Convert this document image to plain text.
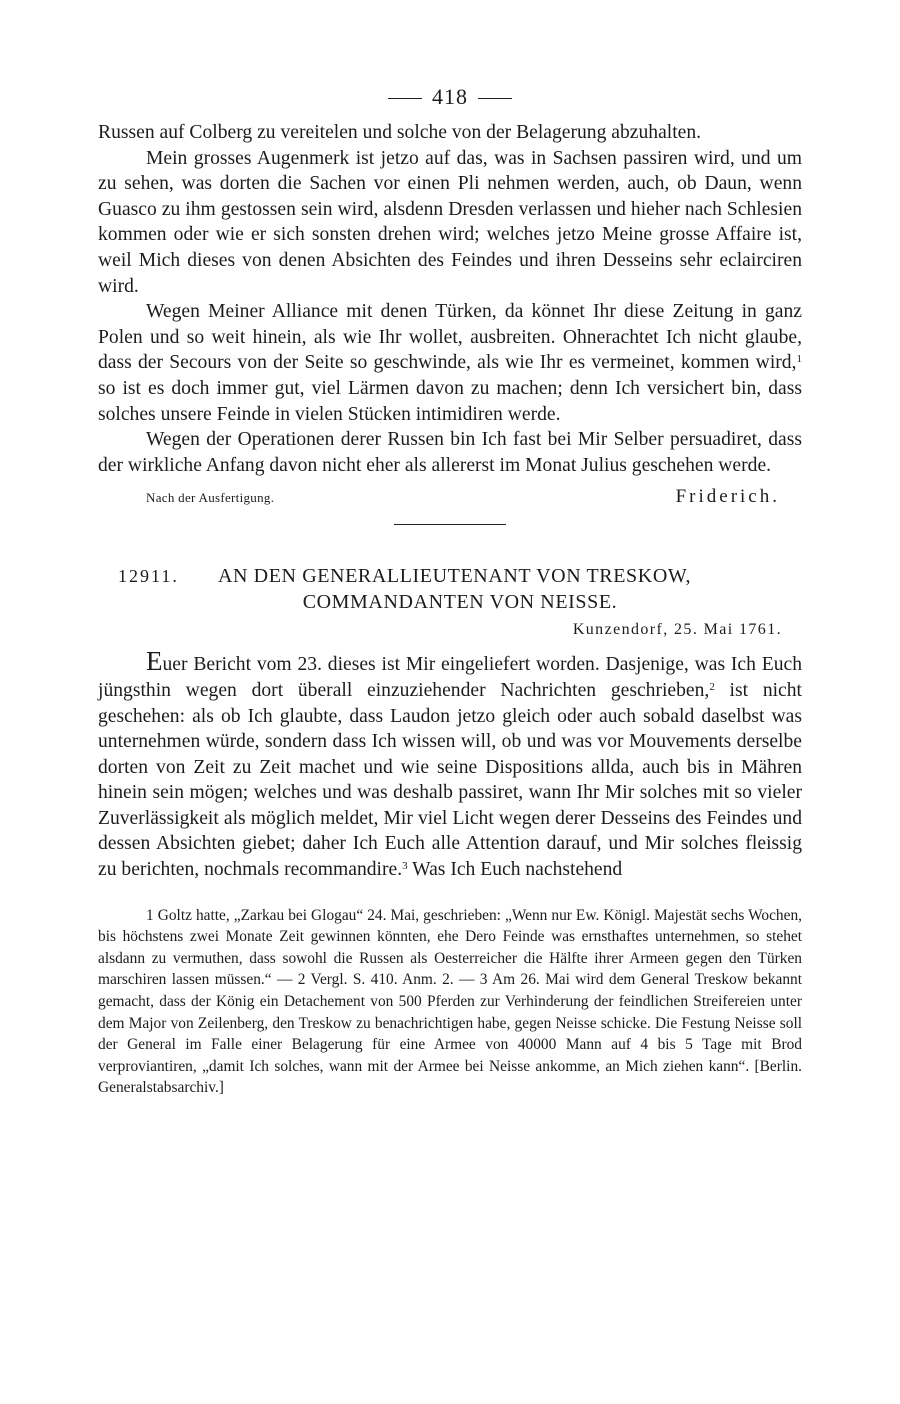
418

Russen auf Colberg zu vereitelen und solche von der Belagerung abzuhalten.

Mein grosses Augenmerk ist jetzo auf das, was in Sachsen passiren wird, und um zu sehen, was dorten die Sachen vor einen Pli nehmen werden, auch, ob Daun, wenn Guasco zu ihm gestossen sein wird, alsdenn Dresden verlassen und hieher nach Schlesien kommen oder wie er sich sonsten drehen wird; welches jetzo Meine grosse Affaire ist, weil Mich dieses von denen Absichten des Feindes und ihren Desseins sehr eclairciren wird.

Wegen Meiner Alliance mit denen Türken, da könnet Ihr diese Zeitung in ganz Polen und so weit hinein, als wie Ihr wollet, ausbreiten. Ohnerachtet Ich nicht glaube, dass der Secours von der Seite so geschwinde, als wie Ihr es vermeinet, kommen wird,$^1$ so ist es doch immer gut, viel Lärmen davon zu machen; denn Ich versichert bin, dass solches unsere Feinde in vielen Stücken intimidiren werde.

Wegen der Operationen derer Russen bin Ich fast bei Mir Selber persuadiret, dass der wirkliche Anfang davon nicht eher als allererst im Monat Julius geschehen werde.

Nach der Ausfertigung.	Friderich.
12911. AN DEN GENERALLIEUTENANT VON TRESKOW,
COMMANDANTEN VON NEISSE.
Kunzendorf, 25. Mai 1761.

Euer Bericht vom 23. dieses ist Mir eingeliefert worden. Dasjenige, was Ich Euch jüngsthin wegen dort überall einzuziehender Nachrichten geschrieben,$^2$ ist nicht geschehen: als ob Ich glaubte, dass Laudon jetzo gleich oder auch sobald daselbst was unternehmen würde, sondern dass Ich wissen will, ob und was vor Mouvements derselbe dorten von Zeit zu Zeit machet und wie seine Dispositions allda, auch bis in Mähren hinein sein mögen; welches und was deshalb passiret, wann Ihr Mir solches mit so vieler Zuverlässigkeit als möglich meldet, Mir viel Licht wegen derer Desseins des Feindes und dessen Absichten giebet; daher Ich Euch alle Attention darauf, und Mir solches fleissig zu berichten, nochmals recommandire.$^3$ Was Ich Euch nachstehend

1 Goltz hatte, „Zarkau bei Glogau“ 24. Mai, geschrieben: „Wenn nur Ew. Königl. Majestät sechs Wochen, bis höchstens zwei Monate Zeit gewinnen könnten, ehe Dero Feinde was ernsthaftes unternehmen, so stehet alsdann zu vermuthen, dass sowohl die Russen als Oesterreicher die Hälfte ihrer Armeen gegen den Türken marschiren lassen müssen.“ — 2 Vergl. S. 410. Anm. 2. — 3 Am 26. Mai wird dem General Treskow bekannt gemacht, dass der König ein Detachement von 500 Pferden zur Verhinderung der feindlichen Streifereien unter dem Major von Zeilenberg, den Treskow zu benachrichtigen habe, gegen Neisse schicke. Die Festung Neisse soll der General im Falle einer Belagerung für eine Armee von 40000 Mann auf 4 bis 5 Tage mit Brod verproviantiren, „damit Ich solches, wann mit der Armee bei Neisse ankomme, an Mich ziehen kann“. [Berlin. Generalstabsarchiv.]
